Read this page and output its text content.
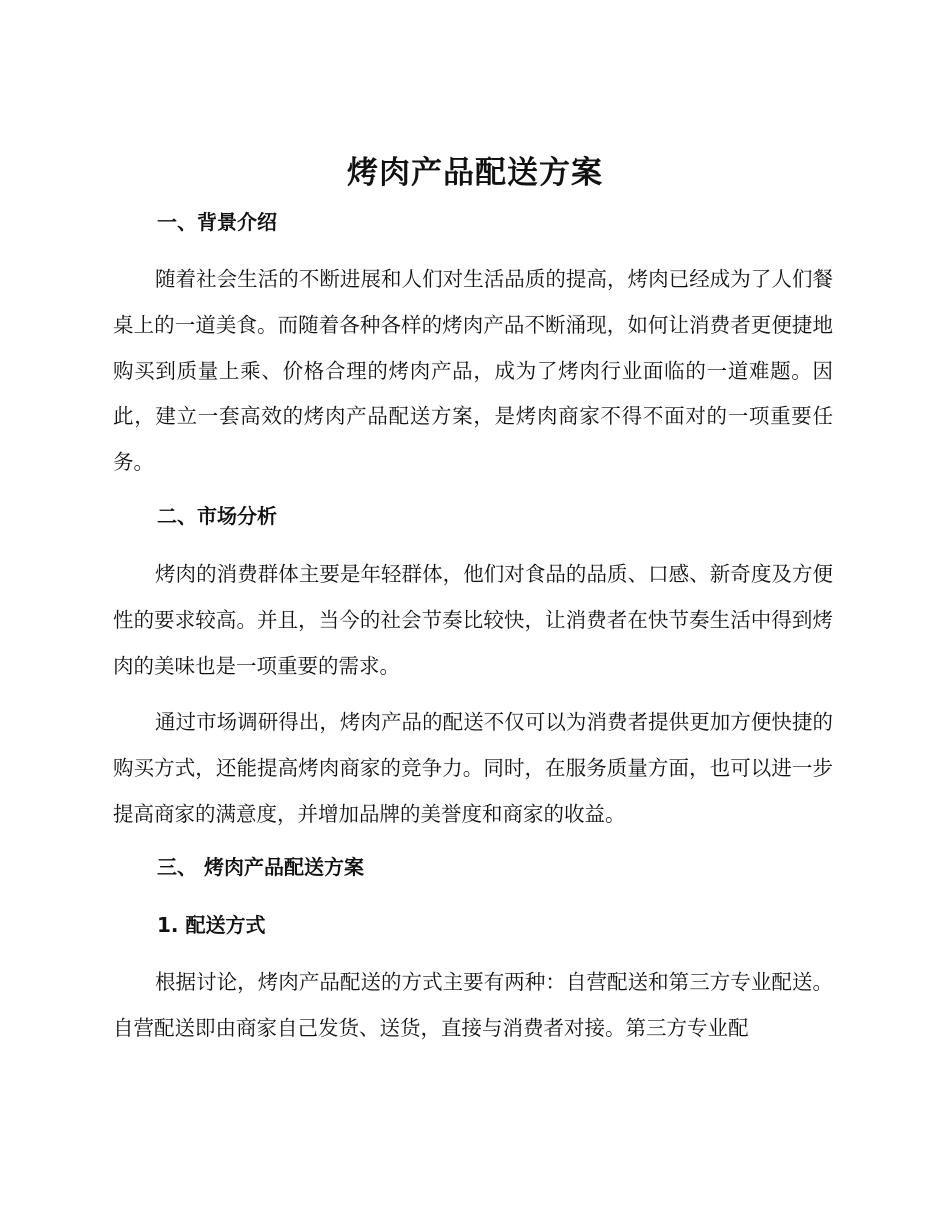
烤肉产品配送方案
一、背景介绍

随着社会生活的不断进展和人们对生活品质的提高，烤肉已经成为了人们餐桌上的一道美食。而随着各种各样的烤肉产品不断涌现，如何让消费者更便捷地购买到质量上乘、价格合理的烤肉产品，成为了烤肉行业面临的一道难题。因此，建立一套高效的烤肉产品配送方案，是烤肉商家不得不面对的一项重要任务。

二、市场分析

烤肉的消费群体主要是年轻群体，他们对食品的品质、口感、新奇度及方便性的要求较高。并且，当今的社会节奏比较快，让消费者在快节奏生活中得到烤肉的美味也是一项重要的需求。

通过市场调研得出，烤肉产品的配送不仅可以为消费者提供更加方便快捷的购买方式，还能提高烤肉商家的竞争力。同时，在服务质量方面，也可以进一步提高商家的满意度，并增加品牌的美誉度和商家的收益。

三、 烤肉产品配送方案
1. 配送方式

根据讨论，烤肉产品配送的方式主要有两种：自营配送和第三方专业配送。自营配送即由商家自己发货、送货，直接与消费者对接。第三方专业配
